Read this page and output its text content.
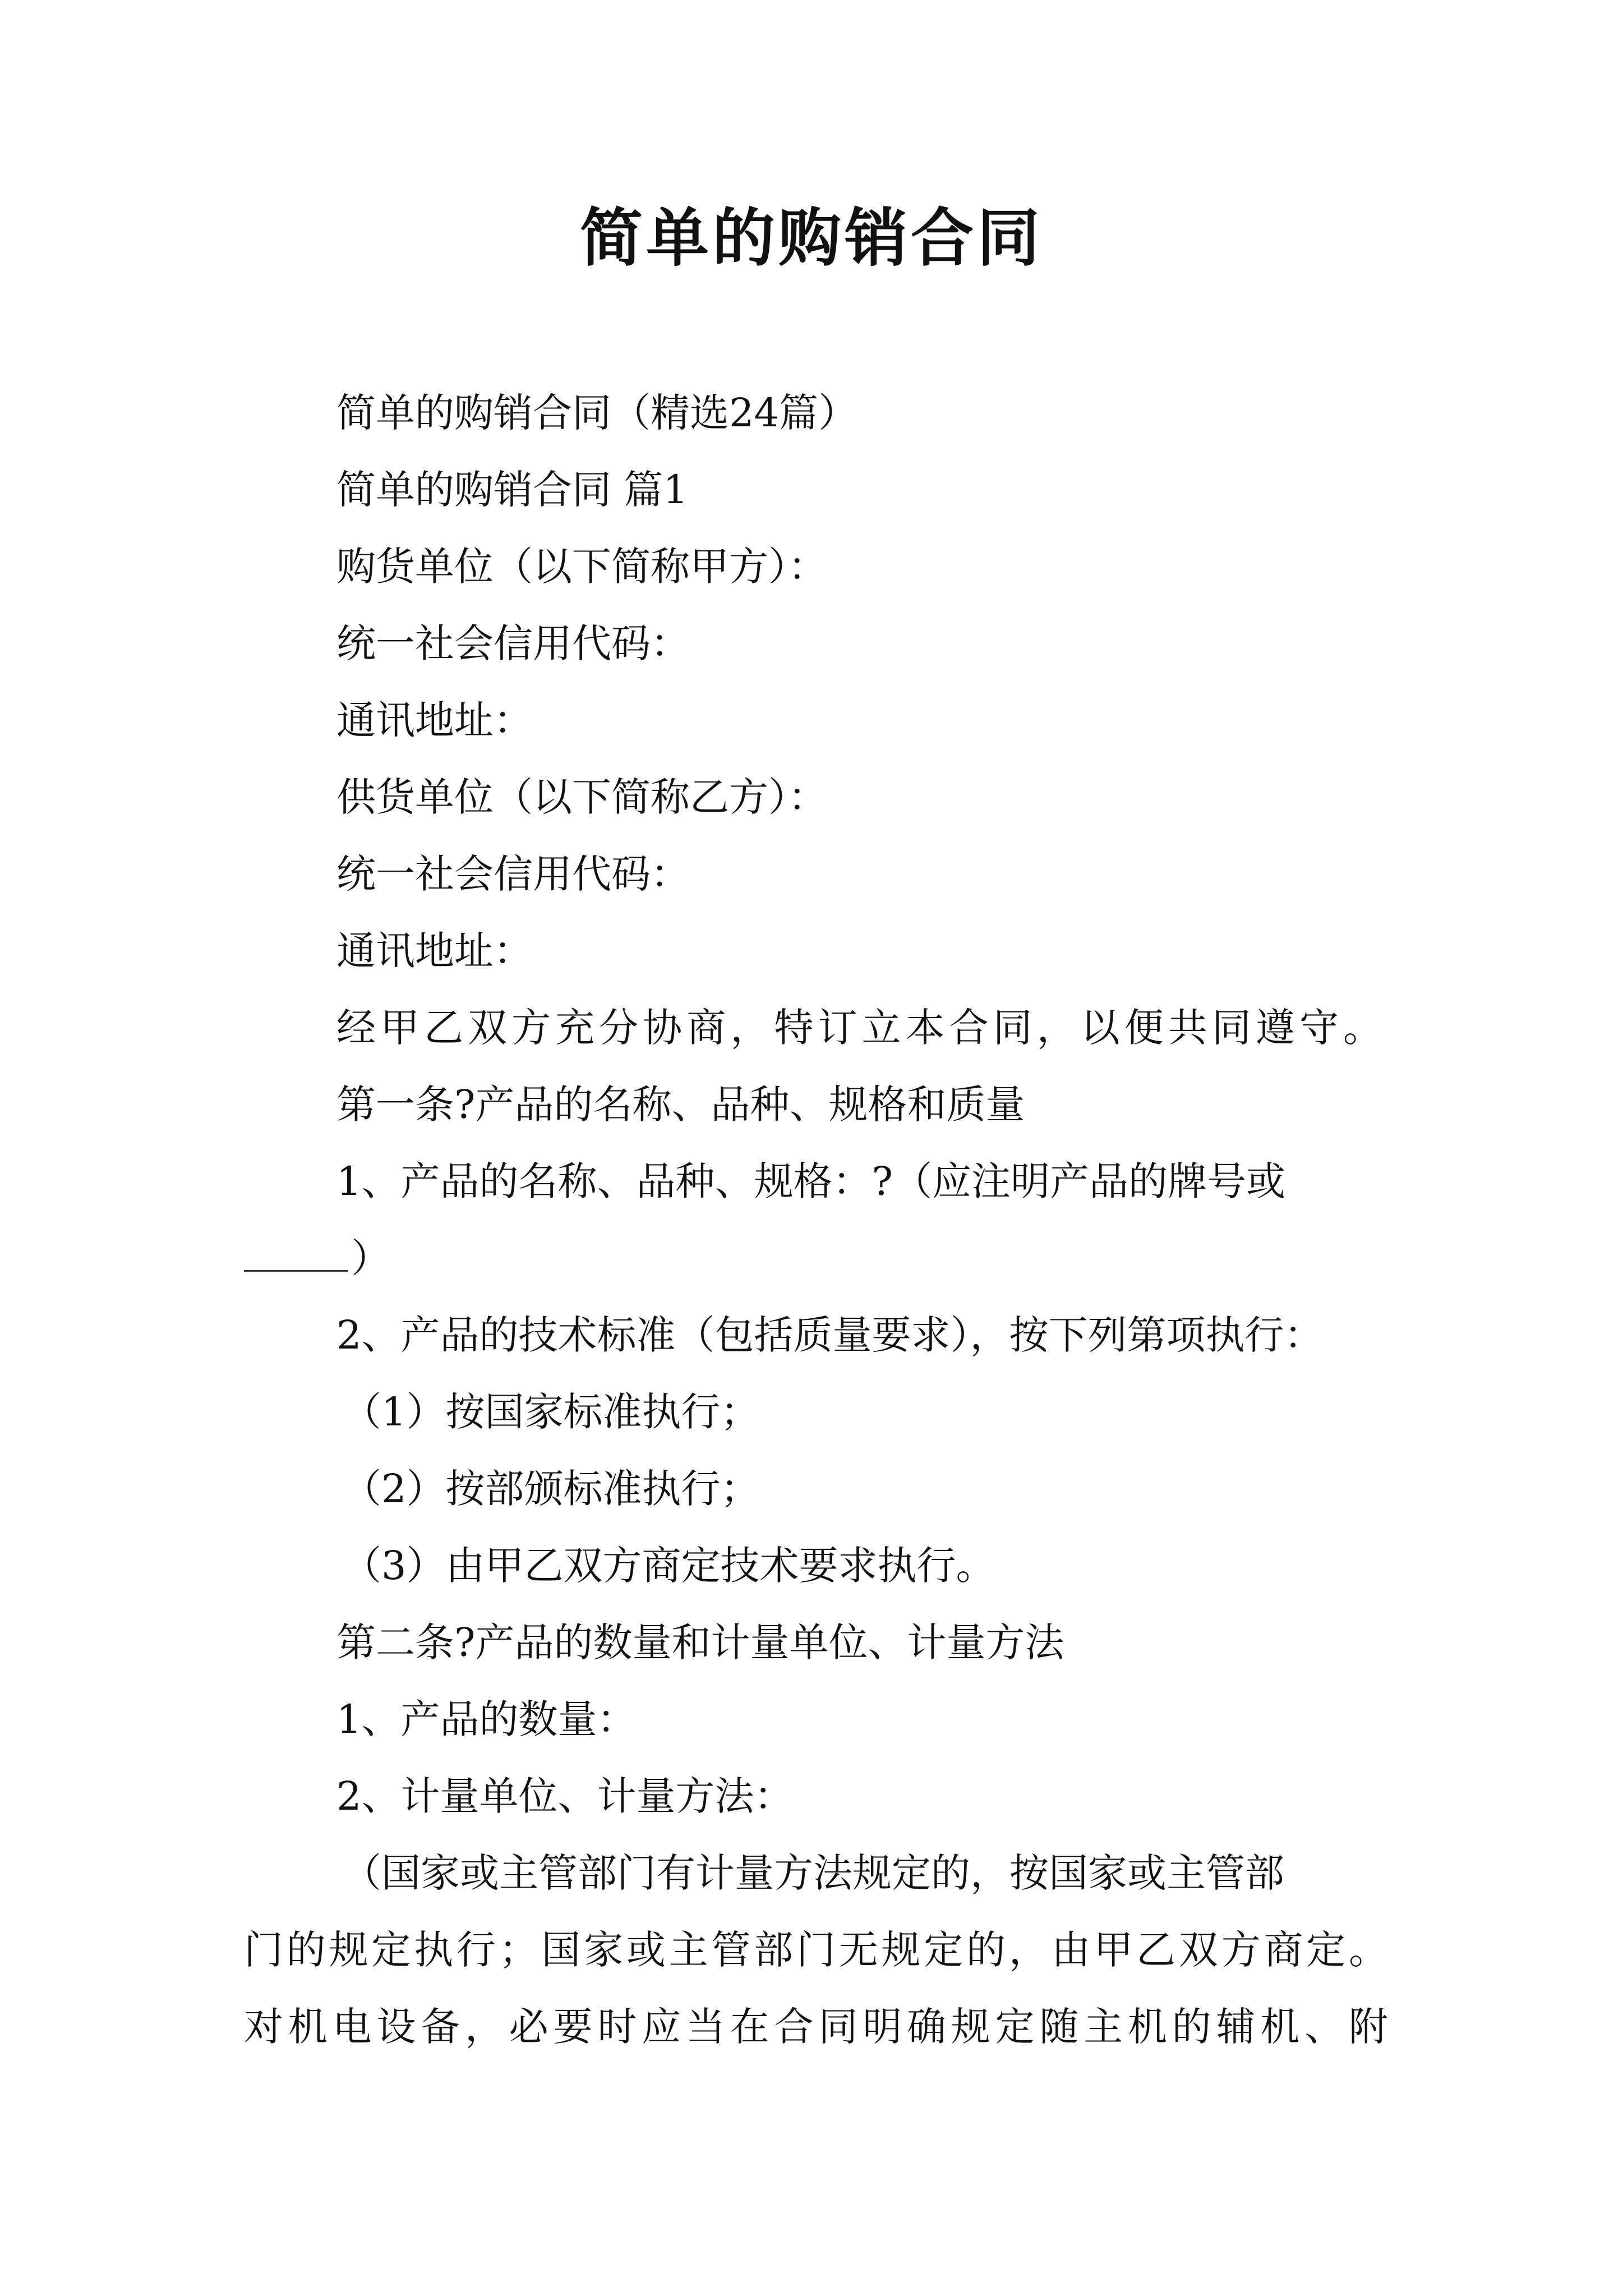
简单的购销合同
简单的购销合同（精选24篇）
简单的购销合同 篇1
购货单位（以下简称甲方）：
统一社会信用代码：
通讯地址：
供货单位（以下简称乙方）：
统一社会信用代码：
通讯地址：
经甲乙双方充分协商，特订立本合同，以便共同遵守。
第一条?产品的名称、品种、规格和质量
1、产品的名称、品种、规格：?（应注明产品的牌号或
）
2、产品的技术标准（包括质量要求），按下列第项执行：
（1）按国家标准执行；
（2）按部颁标准执行；
（3）由甲乙双方商定技术要求执行。
第二条?产品的数量和计量单位、计量方法
1、产品的数量：
2、计量单位、计量方法：
（国家或主管部门有计量方法规定的，按国家或主管部
门的规定执行；国家或主管部门无规定的，由甲乙双方商定。
对机电设备，必要时应当在合同明确规定随主机的辅机、附
